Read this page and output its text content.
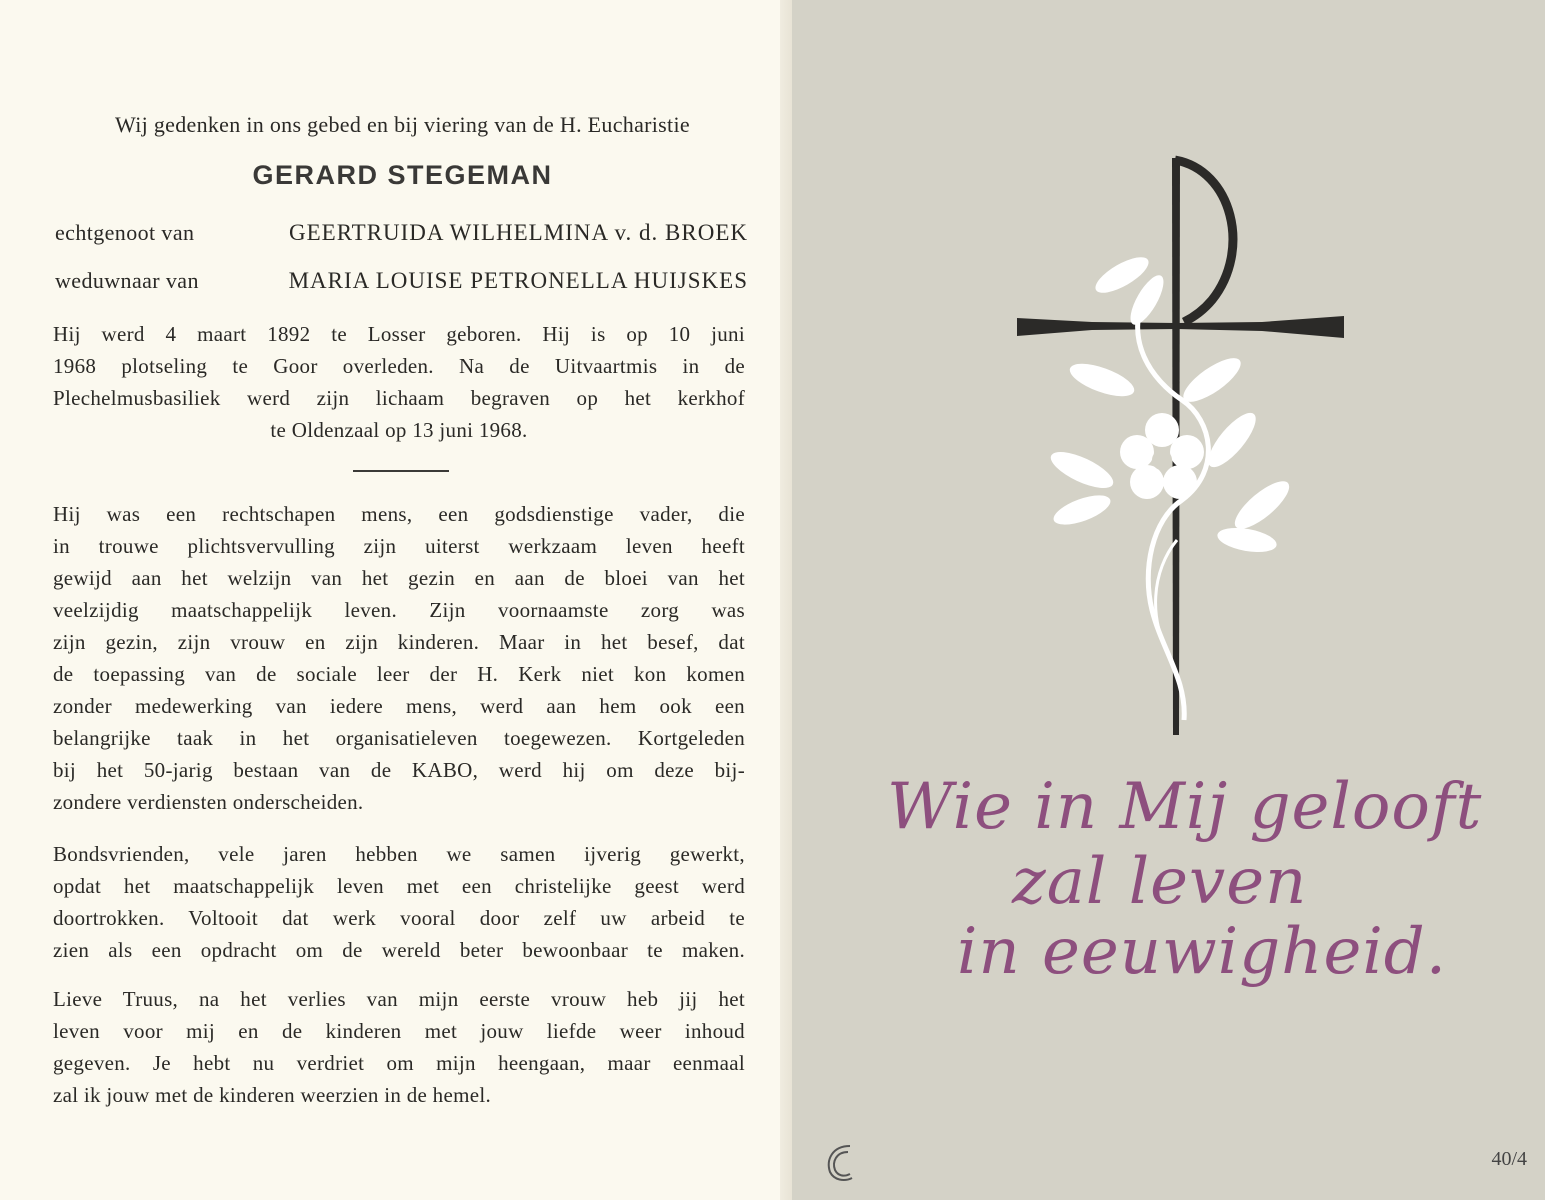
Wij gedenken in ons gebed en bij viering van de H. Eucharistie
GERARD STEGEMAN
echtgenoot van	GEERTRUIDA WILHELMINA v. d. BROEK
weduwnaar van	MARIA LOUISE PETRONELLA HUIJSKES
Hij werd 4 maart 1892 te Losser geboren. Hij is op 10 juni
1968 plotseling te Goor overleden. Na de Uitvaartmis in de
Plechelmusbasiliek werd zijn lichaam begraven op het kerkhof
te Oldenzaal op 13 juni 1968.
Hij was een rechtschapen mens, een godsdienstige vader, die
in trouwe plichtsvervulling zijn uiterst werkzaam leven heeft
gewijd aan het welzijn van het gezin en aan de bloei van het
veelzijdig maatschappelijk leven. Zijn voornaamste zorg was
zijn gezin, zijn vrouw en zijn kinderen. Maar in het besef, dat
de toepassing van de sociale leer der H. Kerk niet kon komen
zonder medewerking van iedere mens, werd aan hem ook een
belangrijke taak in het organisatieleven toegewezen. Kortgeleden
bij het 50-jarig bestaan van de KABO, werd hij om deze bij-
zondere verdiensten onderscheiden.
Bondsvrienden, vele jaren hebben we samen ijverig gewerkt,
opdat het maatschappelijk leven met een christelijke geest werd
doortrokken. Voltooit dat werk vooral door zelf uw arbeid te
zien als een opdracht om de wereld beter bewoonbaar te maken.
Lieve Truus, na het verlies van mijn eerste vrouw heb jij het
leven voor mij en de kinderen met jouw liefde weer inhoud
gegeven. Je hebt nu verdriet om mijn heengaan, maar eenmaal
zal ik jouw met de kinderen weerzien in de hemel.
Wie in Mij gelooft
zal leven
in eeuwigheid.
40/4
